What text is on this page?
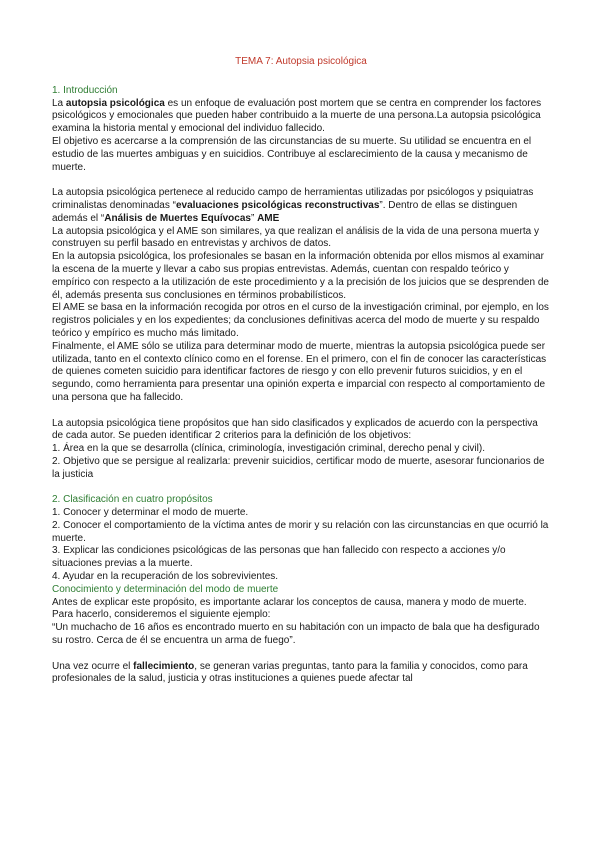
TEMA 7: Autopsia psicológica
1. Introducción

La autopsia psicológica es un enfoque de evaluación post mortem que se centra en comprender los factores psicológicos y emocionales que pueden haber contribuido a la muerte de una persona.La autopsia psicológica examina la historia mental y emocional del individuo fallecido.

El objetivo es acercarse a la comprensión de las circunstancias de su muerte. Su utilidad se encuentra en el estudio de las muertes ambiguas y en suicidios. Contribuye al esclarecimiento de la causa y mecanismo de muerte.

La autopsia psicológica pertenece al reducido campo de herramientas utilizadas por psicólogos y psiquiatras criminalistas denominadas “evaluaciones psicológicas reconstructivas”. Dentro de ellas se distinguen además el “Análisis de Muertes Equívocas” AME

La autopsia psicológica y el AME son similares, ya que realizan el análisis de la vida de una persona muerta y construyen su perfil basado en entrevistas y archivos de datos.

En la autopsia psicológica, los profesionales se basan en la información obtenida por ellos mismos al examinar la escena de la muerte y llevar a cabo sus propias entrevistas. Además, cuentan con respaldo teórico y empírico con respecto a la utilización de este procedimiento y a la precisión de los juicios que se desprenden de él, además presenta sus conclusiones en términos probabilísticos.

El AME se basa en la información recogida por otros en el curso de la investigación criminal, por ejemplo, en los registros policiales y en los expedientes; da conclusiones definitivas acerca del modo de muerte y su respaldo teórico y empírico es mucho más limitado.

Finalmente, el AME sólo se utiliza para determinar modo de muerte, mientras la autopsia psicológica puede ser utilizada, tanto en el contexto clínico como en el forense. En el primero, con el fin de conocer las características de quienes cometen suicidio para identificar factores de riesgo y con ello prevenir futuros suicidios, y en el segundo, como herramienta para presentar una opinión experta e imparcial con respecto al comportamiento de una persona que ha fallecido.

La autopsia psicológica tiene propósitos que han sido clasificados y explicados de acuerdo con la perspectiva de cada autor. Se pueden identificar 2 criterios para la definición de los objetivos:

1. Área en la que se desarrolla (clínica, criminología, investigación criminal, derecho penal y civil).

2. Objetivo que se persigue al realizarla: prevenir suicidios, certificar modo de muerte, asesorar funcionarios de la justicia

2. Clasificación en cuatro propósitos

1. Conocer y determinar el modo de muerte.

2. Conocer el comportamiento de la víctima antes de morir y su relación con las circunstancias en que ocurrió la muerte.

3. Explicar las condiciones psicológicas de las personas que han fallecido con respecto a acciones y/o situaciones previas a la muerte.

4. Ayudar en la recuperación de los sobrevivientes.

Conocimiento y determinación del modo de muerte

Antes de explicar este propósito, es importante aclarar los conceptos de causa, manera y modo de muerte. Para hacerlo, consideremos el siguiente ejemplo:

“Un muchacho de 16 años es encontrado muerto en su habitación con un impacto de bala que ha desfigurado su rostro. Cerca de él se encuentra un arma de fuego”.

Una vez ocurre el fallecimiento, se generan varias preguntas, tanto para la familia y conocidos, como para profesionales de la salud, justicia y otras instituciones a quienes puede afectar tal
